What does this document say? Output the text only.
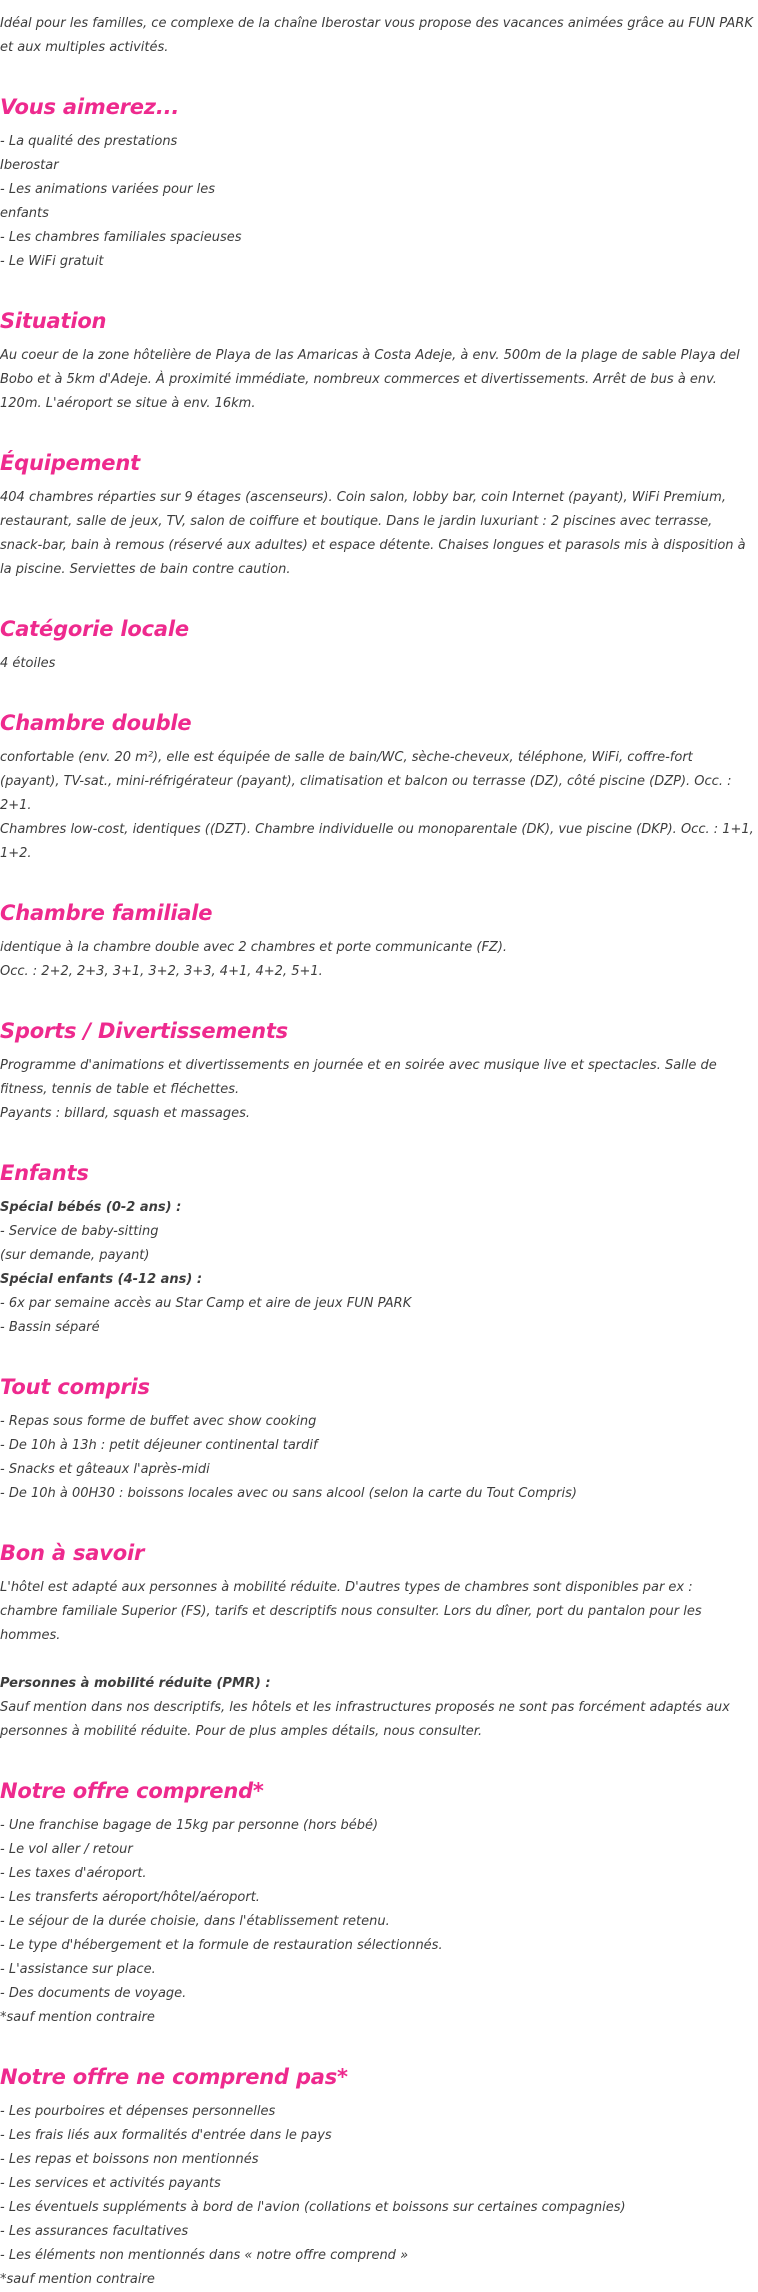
Idéal pour les familles, ce complexe de la chaîne Iberostar vous propose des vacances animées grâce au FUN PARK et aux multiples activités.

Vous aimerez...

- La qualité des prestations

Iberostar

- Les animations variées pour les

enfants

- Les chambres familiales spacieuses

- Le WiFi gratuit

Situation

Au coeur de la zone hôtelière de Playa de las Amaricas à Costa Adeje, à env. 500m de la plage de sable Playa del Bobo et à 5km d'Adeje. À proximité immédiate, nombreux commerces et divertissements. Arrêt de bus à env. 120m. L'aéroport se situe à env. 16km.

Équipement

404 chambres réparties sur 9 étages (ascenseurs). Coin salon, lobby bar, coin Internet (payant), WiFi Premium, restaurant, salle de jeux, TV, salon de coiffure et boutique. Dans le jardin luxuriant : 2 piscines avec terrasse, snack-bar, bain à remous (réservé aux adultes) et espace détente. Chaises longues et parasols mis à disposition à la piscine. Serviettes de bain contre caution.

Catégorie locale

4 étoiles

Chambre double

confortable (env. 20 m²), elle est équipée de salle de bain/WC, sèche-cheveux, téléphone, WiFi, coffre-fort (payant), TV-sat., mini-réfrigérateur (payant), climatisation et balcon ou terrasse (DZ), côté piscine (DZP). Occ. : 2+1.

Chambres low-cost, identiques ((DZT). Chambre individuelle ou monoparentale (DK), vue piscine (DKP). Occ. : 1+1, 1+2.

Chambre familiale

identique à la chambre double avec 2 chambres et porte communicante (FZ).

Occ. : 2+2, 2+3, 3+1, 3+2, 3+3, 4+1, 4+2, 5+1.

Sports / Divertissements

Programme d'animations et divertissements en journée et en soirée avec musique live et spectacles. Salle de fitness, tennis de table et fléchettes.

Payants : billard, squash et massages.

Enfants

Spécial bébés (0-2 ans) :

- Service de baby-sitting

(sur demande, payant)

Spécial enfants (4-12 ans) :

- 6x par semaine accès au Star Camp et aire de jeux FUN PARK

- Bassin séparé

Tout compris

- Repas sous forme de buffet avec show cooking

- De 10h à 13h : petit déjeuner continental tardif

- Snacks et gâteaux l'après-midi

- De 10h à 00H30 : boissons locales avec ou sans alcool (selon la carte du Tout Compris)

Bon à savoir

L'hôtel est adapté aux personnes à mobilité réduite. D'autres types de chambres sont disponibles par ex : chambre familiale Superior (FS), tarifs et descriptifs nous consulter. Lors du dîner, port du pantalon pour les hommes.

Personnes à mobilité réduite (PMR) :

Sauf mention dans nos descriptifs, les hôtels et les infrastructures proposés ne sont pas forcément adaptés aux personnes à mobilité réduite. Pour de plus amples détails, nous consulter.

Notre offre comprend*

- Une franchise bagage de 15kg par personne (hors bébé)

- Le vol aller / retour

- Les taxes d'aéroport.

- Les transferts aéroport/hôtel/aéroport.

- Le séjour de la durée choisie, dans l'établissement retenu.

- Le type d'hébergement et la formule de restauration sélectionnés.

- L'assistance sur place.

- Des documents de voyage.

*sauf mention contraire

Notre offre ne comprend pas*

- Les pourboires et dépenses personnelles

- Les frais liés aux formalités d'entrée dans le pays

- Les repas et boissons non mentionnés

- Les services et activités payants

- Les éventuels suppléments à bord de l'avion (collations et boissons sur certaines compagnies)

- Les assurances facultatives

- Les éléments non mentionnés dans « notre offre comprend »

*sauf mention contraire
